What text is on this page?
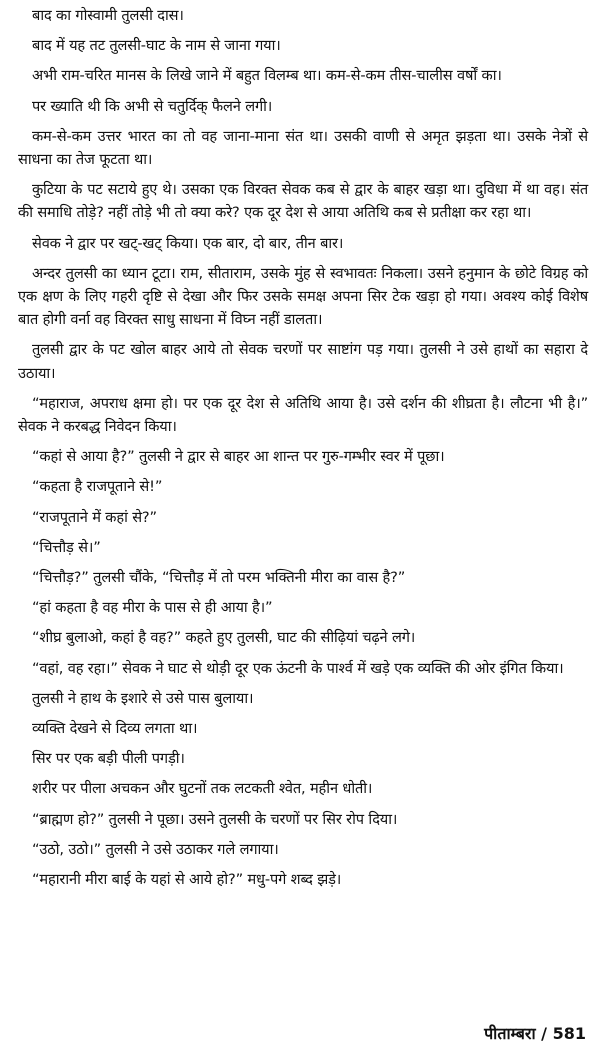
बाद का गोस्वामी तुलसी दास।

बाद में यह तट तुलसी-घाट के नाम से जाना गया।

अभी राम-चरित मानस के लिखे जाने में बहुत विलम्ब था। कम-से-कम तीस-चालीस वर्षों का।

पर ख्याति थी कि अभी से चतुर्दिक् फैलने लगी।

कम-से-कम उत्तर भारत का तो वह जाना-माना संत था। उसकी वाणी से अमृत झड़ता था। उसके नेत्रों से साधना का तेज फूटता था।

कुटिया के पट सटाये हुए थे। उसका एक विरक्त सेवक कब से द्वार के बाहर खड़ा था। दुविधा में था वह। संत की समाधि तोड़े? नहीं तोड़े भी तो क्या करे? एक दूर देश से आया अतिथि कब से प्रतीक्षा कर रहा था।

सेवक ने द्वार पर खट्-खट् किया। एक बार, दो बार, तीन बार।

अन्दर तुलसी का ध्यान टूटा। राम, सीताराम, उसके मुंह से स्वभावतः निकला। उसने हनुमान के छोटे विग्रह को एक क्षण के लिए गहरी दृष्टि से देखा और फिर उसके समक्ष अपना सिर टेक खड़ा हो गया। अवश्य कोई विशेष बात होगी वर्ना वह विरक्त साधु साधना में विघ्न नहीं डालता।

तुलसी द्वार के पट खोल बाहर आये तो सेवक चरणों पर साष्टांग पड़ गया। तुलसी ने उसे हाथों का सहारा दे उठाया।

“महाराज, अपराध क्षमा हो। पर एक दूर देश से अतिथि आया है। उसे दर्शन की शीघ्रता है। लौटना भी है।” सेवक ने करबद्ध निवेदन किया।

“कहां से आया है?” तुलसी ने द्वार से बाहर आ शान्त पर गुरु-गम्भीर स्वर में पूछा।

“कहता है राजपूताने से!”

“राजपूताने में कहां से?”

“चित्तौड़ से।”

“चित्तौड़?” तुलसी चौंके, “चित्तौड़ में तो परम भक्तिनी मीरा का वास है?”

“हां कहता है वह मीरा के पास से ही आया है।”

“शीघ्र बुलाओ, कहां है वह?” कहते हुए तुलसी, घाट की सीढ़ियां चढ़ने लगे।

“वहां, वह रहा।” सेवक ने घाट से थोड़ी दूर एक ऊंटनी के पार्श्व में खड़े एक व्यक्ति की ओर इंगित किया।

तुलसी ने हाथ के इशारे से उसे पास बुलाया।

व्यक्ति देखने से दिव्य लगता था।

सिर पर एक बड़ी पीली पगड़ी।

शरीर पर पीला अचकन और घुटनों तक लटकती श्वेत, महीन धोती।

“ब्राह्मण हो?” तुलसी ने पूछा। उसने तुलसी के चरणों पर सिर रोप दिया।

“उठो, उठो।” तुलसी ने उसे उठाकर गले लगाया।

“महारानी मीरा बाई के यहां से आये हो?” मधु-पगे शब्द झड़े।

पीताम्बरा / 581
